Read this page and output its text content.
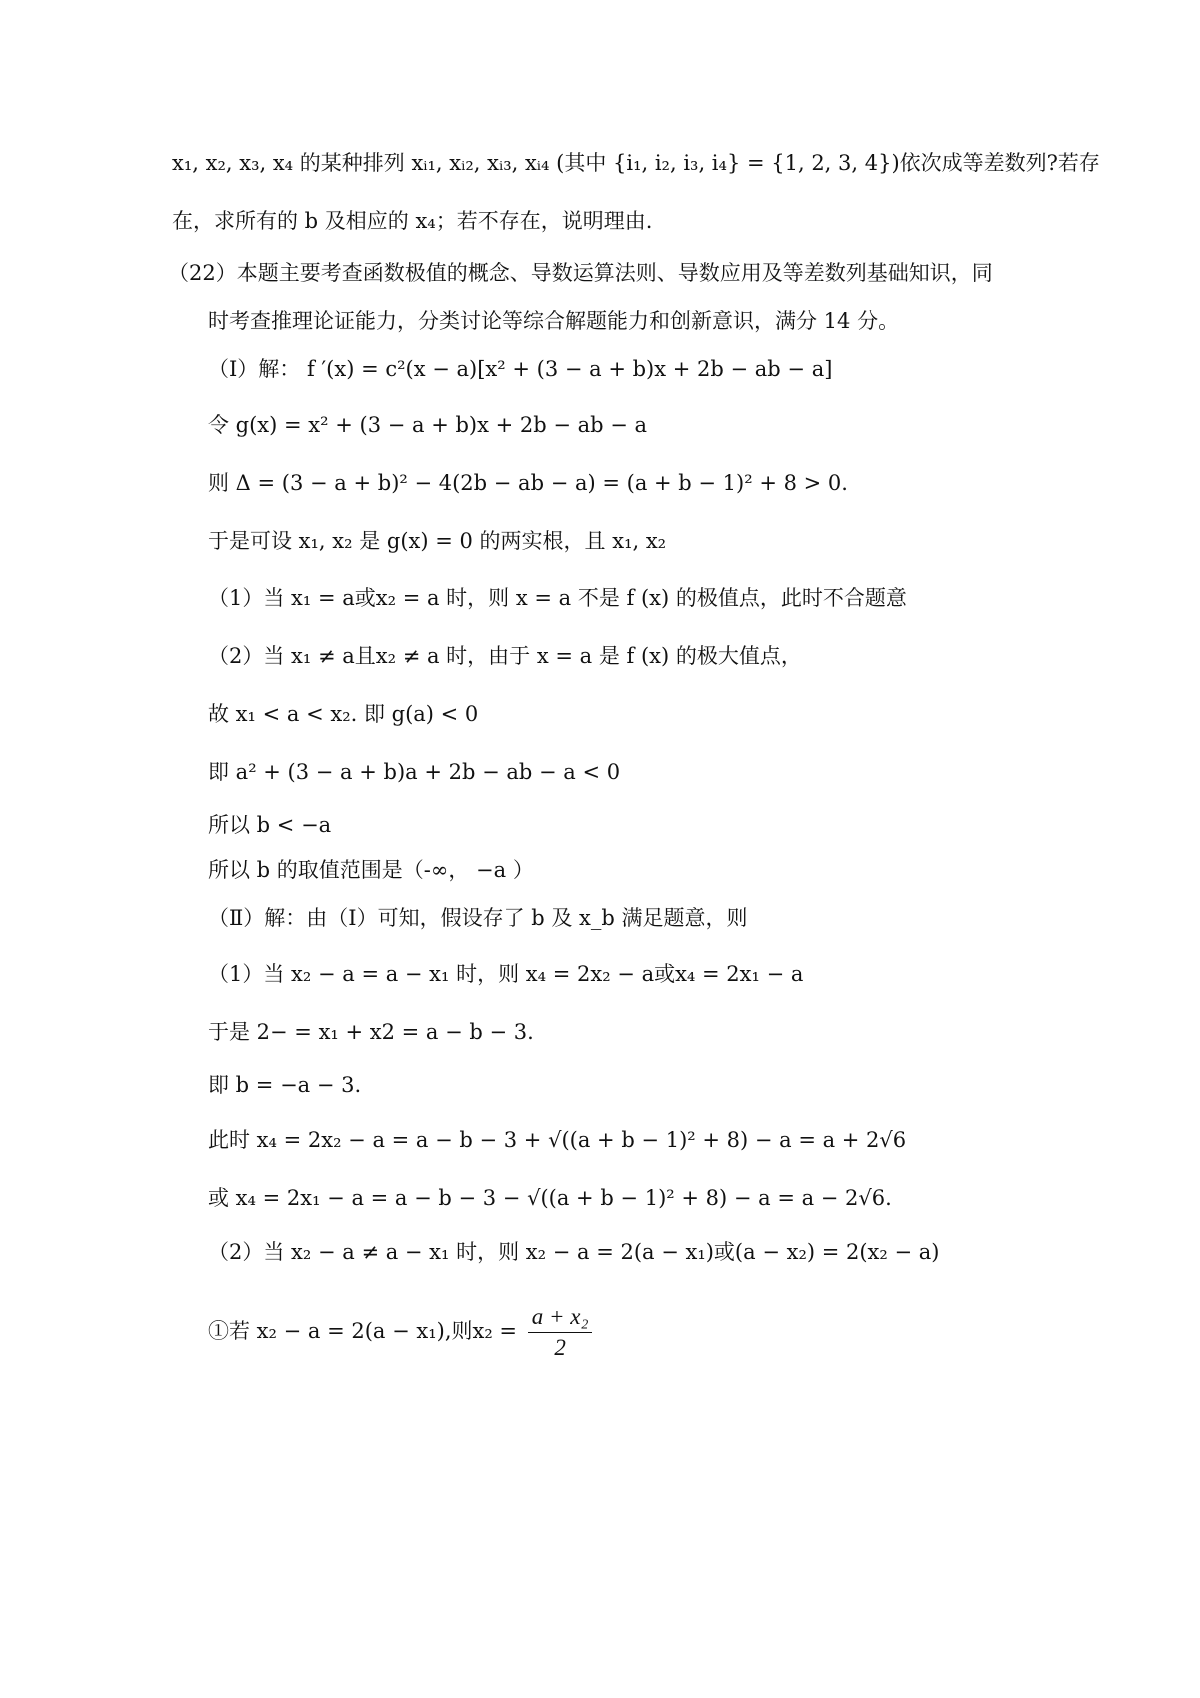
x₁, x₂, x₃, x₄ 的某种排列 xᵢ₁, xᵢ₂, xᵢ₃, xᵢ₄ (其中 {i₁, i₂, i₃, i₄} = {1, 2, 3, 4})依次成等差数列?若存
在，求所有的 b 及相应的 x₄；若不存在，说明理由.
（22）本题主要考查函数极值的概念、导数运算法则、导数应用及等差数列基础知识，同
时考查推理论证能力，分类讨论等综合解题能力和创新意识，满分 14 分。
（Ⅰ）解： f ′(x) = c²(x − a)[x² + (3 − a + b)x + 2b − ab − a]
令 g(x) = x² + (3 − a + b)x + 2b − ab − a
则 Δ = (3 − a + b)² − 4(2b − ab − a) = (a + b − 1)² + 8 > 0.
于是可设 x₁, x₂ 是 g(x) = 0 的两实根，且 x₁, x₂
（1）当 x₁ = a或x₂ = a 时，则 x = a 不是 f (x) 的极值点，此时不合题意
（2）当 x₁ ≠ a且x₂ ≠ a 时，由于 x = a 是 f (x) 的极大值点，
故 x₁ < a < x₂. 即 g(a) < 0
即 a² + (3 − a + b)a + 2b − ab − a < 0
所以 b < −a
所以 b 的取值范围是（-∞， −a ）
（Ⅱ）解：由（Ⅰ）可知，假设存了 b 及 x_b 满足题意，则
（1）当 x₂ − a = a − x₁ 时，则 x₄ = 2x₂ − a或x₄ = 2x₁ − a
于是 2− = x₁ + x2 = a − b − 3.
即 b = −a − 3.
此时 x₄ = 2x₂ − a = a − b − 3 + √((a + b − 1)² + 8) − a = a + 2√6
或 x₄ = 2x₁ − a = a − b − 3 − √((a + b − 1)² + 8) − a = a − 2√6.
（2）当 x₂ − a ≠ a − x₁ 时，则 x₂ − a = 2(a − x₁)或(a − x₂) = 2(x₂ − a)
①若 x₂ − a = 2(a − x₁),则$x_2 = \frac{\text{a + x₂}}{2}$
